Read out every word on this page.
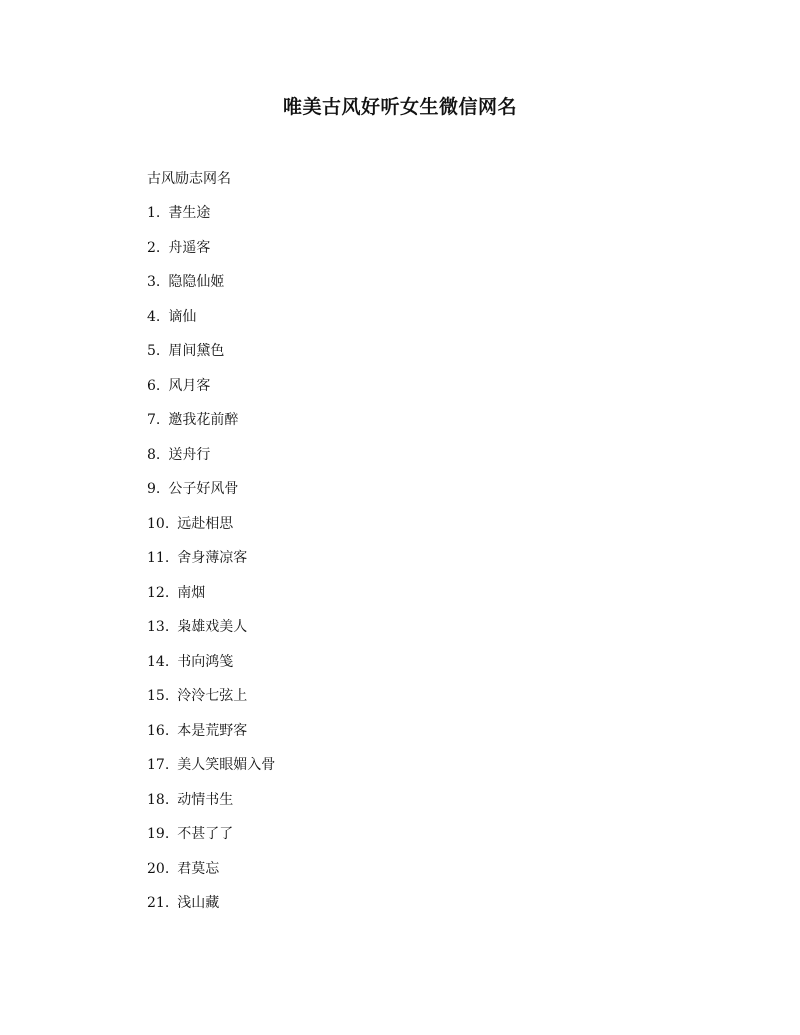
唯美古风好听女生微信网名
古风励志网名
1. 書生途
2. 舟遥客
3. 隐隐仙姬
4. 谪仙
5. 眉间黛色
6. 风月客
7. 邀我花前醉
8. 送舟行
9. 公子好风骨
10. 远赴相思
11. 舍身薄凉客
12. 南烟
13. 枭雄戏美人
14. 书向鸿笺
15. 泠泠七弦上
16. 本是荒野客
17. 美人笑眼媚入骨
18. 动情书生
19. 不甚了了
20. 君莫忘
21. 浅山藏
